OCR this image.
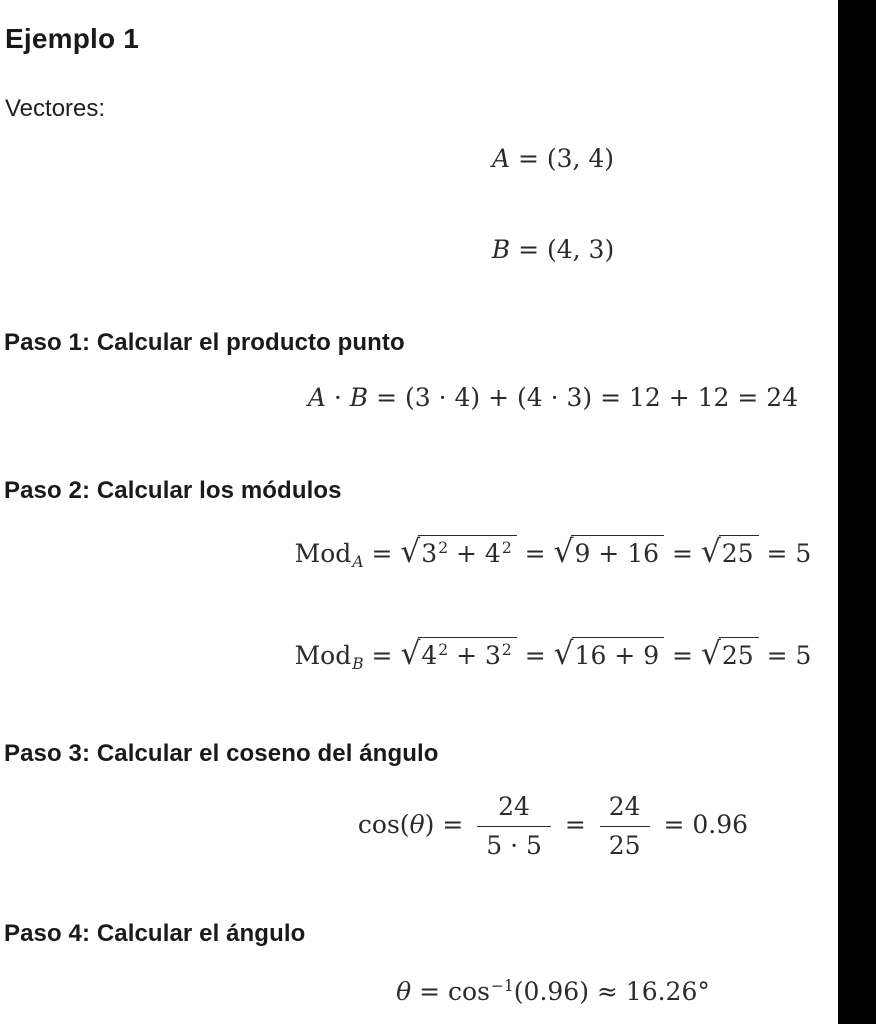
Ejemplo 1

Vectores:

A = (3, 4)
B = (4, 3)
Paso 1: Calcular el producto punto
A · B = (3 · 4) + (4 · 3) = 12 + 12 = 24
Paso 2: Calcular los módulos
ModA = $√3^2 + 4^2 = √9 + 16 = √25 = 5$
ModB = $√4^2 + 3^2 = √16 + 9 = √25 = 5$
Paso 3: Calcular el coseno del ángulo
$\cos(\theta) = \frac{24}{5 \cdot 5} = \frac{24}{25} = 0.96$
Paso 4: Calcular el ángulo
$\theta = \cos^{-1}(0.96) \approx 16.26^\circ$
